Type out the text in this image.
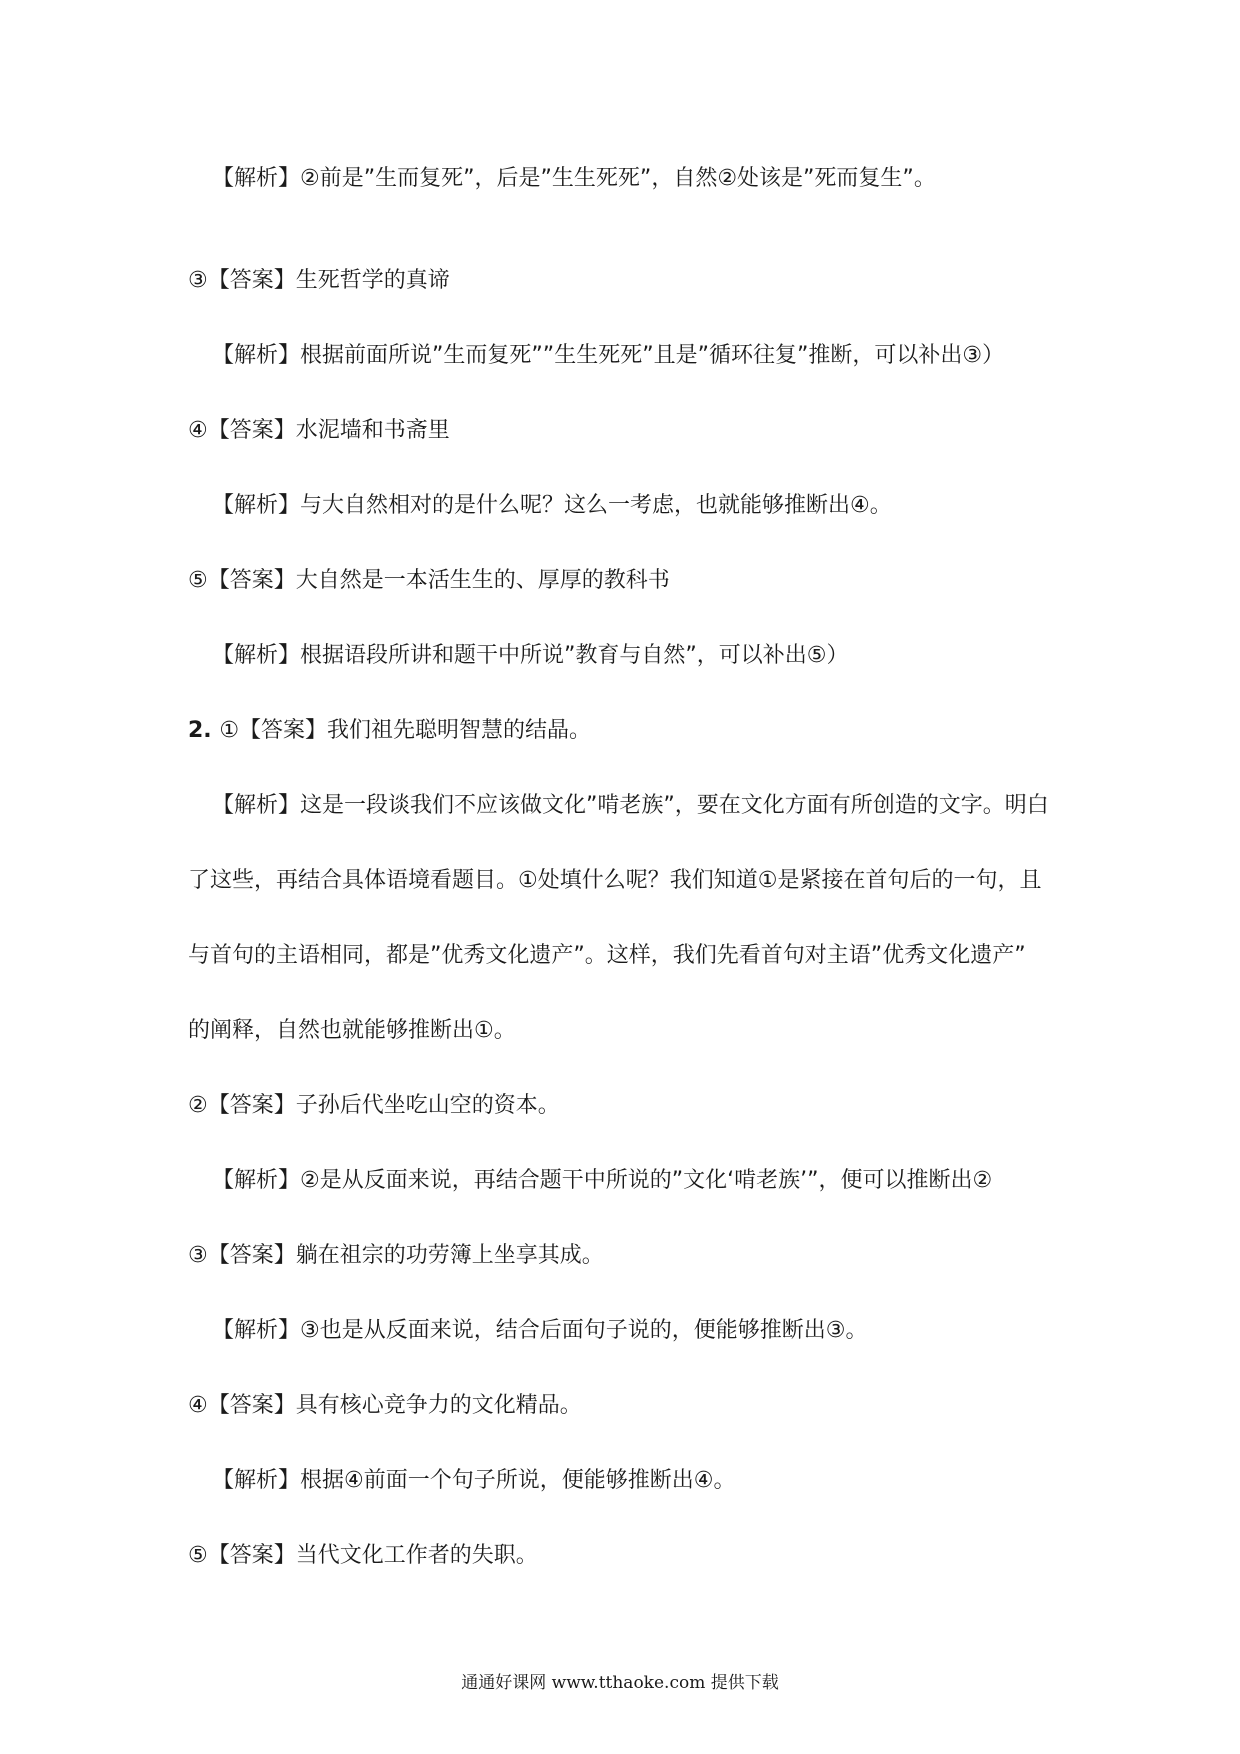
【解析】②前是”生而复死”，后是”生生死死”，自然②处该是”死而复生”。
③【答案】生死哲学的真谛
【解析】根据前面所说”生而复死””生生死死”且是”循环往复”推断，可以补出③）
④【答案】水泥墙和书斋里
【解析】与大自然相对的是什么呢？这么一考虑，也就能够推断出④。
⑤【答案】大自然是一本活生生的、厚厚的教科书
【解析】根据语段所讲和题干中所说”教育与自然”，可以补出⑤）
2. ①【答案】我们祖先聪明智慧的结晶。
【解析】这是一段谈我们不应该做文化”啃老族”，要在文化方面有所创造的文字。明白
了这些，再结合具体语境看题目。①处填什么呢？我们知道①是紧接在首句后的一句，且
与首句的主语相同，都是”优秀文化遗产”。这样，我们先看首句对主语”优秀文化遗产”
的阐释，自然也就能够推断出①。
②【答案】子孙后代坐吃山空的资本。
【解析】②是从反面来说，再结合题干中所说的”文化‘啃老族’”，便可以推断出②
③【答案】躺在祖宗的功劳簿上坐享其成。
【解析】③也是从反面来说，结合后面句子说的，便能够推断出③。
④【答案】具有核心竞争力的文化精品。
【解析】根据④前面一个句子所说，便能够推断出④。
⑤【答案】当代文化工作者的失职。
通通好课网 www.tthaoke.com 提供下载
